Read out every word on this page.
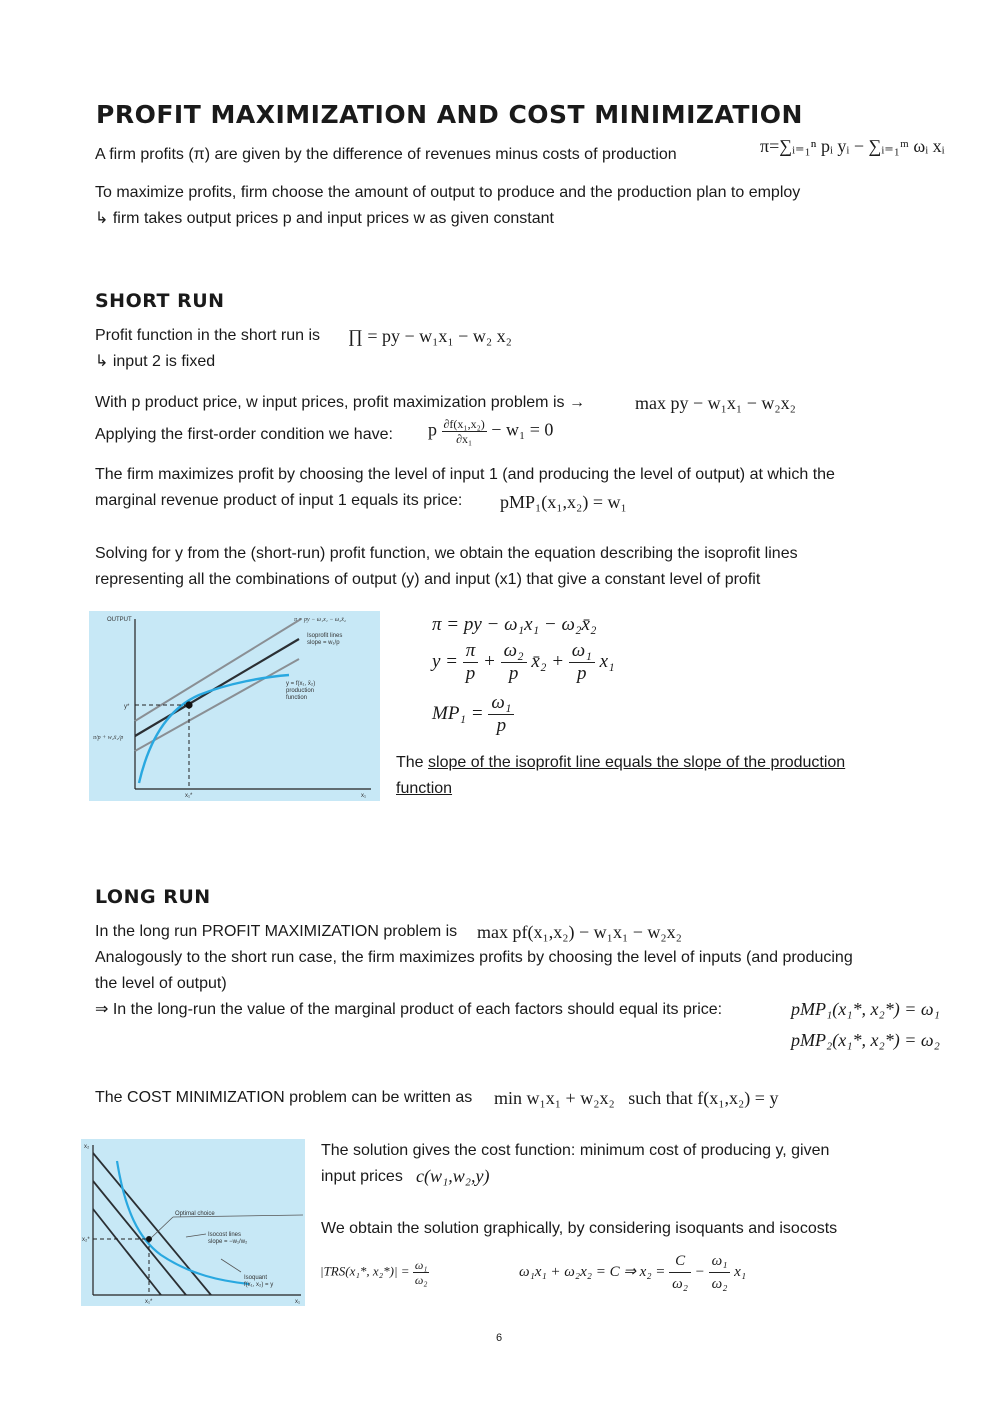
PROFIT MAXIMIZATION AND COST MINIMIZATION
A firm profits (π) are given by the difference of revenues minus costs of production	π=∑ᵢ₌₁ⁿ pᵢ yᵢ − ∑ᵢ₌₁ᵐ ωᵢ xᵢ
To maximize profits, firm choose the amount of output to produce and the production plan to employ
↳ firm takes output prices p and input prices w as given constant
SHORT RUN
Profit function in the short run is ∏ = py − w₁x₁ − w₂ x₂
↳ input 2 is fixed
With p product price, w input prices, profit maximization problem is →	max py − w₁x₁ − w₂x₂
Applying the first-order condition we have: p $\frac{\text{∂f(x₁,x₂)}}{\text{∂x₁}} - w_1 = 0$
The firm maximizes profit by choosing the level of input 1 (and producing the level of output) at which the
marginal revenue product of input 1 equals its price: pMP₁(x₁,x₂) = w₁
Solving for y from the (short-run) profit function, we obtain the equation describing the isoprofit lines
representing all the combinations of output (y) and input (x1) that give a constant level of profit
OUTPUT
x₁
π = py − ω₁x₁ − ω₂x̄₂
Isoprofit lines
slope = w₁/p
y = f(x₁, x̄₂)
production
function
y*
x₁*
π/p + w₂x̄₂/p
π = py − ω₁x₁ − ω₂x̄₂
$y = \frac{\pi}{p} + \frac{\text{ω₂}}{p}$ x̄₂ + $\frac{\text{ω₁}}{p} x_1$
$MP_1 = \frac{\text{ω₁}}{p}$
The slope of the isoprofit line equals the slope of the production
function
LONG RUN
In the long run PROFIT MAXIMIZATION problem is max pf(x₁,x₂) − w₁x₁ − w₂x₂
Analogously to the short run case, the firm maximizes profits by choosing the level of inputs (and producing
the level of output)
⇒ In the long-run the value of the marginal product of each factors should equal its price:	pMP₁(x₁*, x₂*) = ω₁
pMP₂(x₁*, x₂*) = ω₂
The COST MINIMIZATION problem can be written as min w₁x₁ + w₂x₂ such that f(x₁,x₂) = y
x₂
x₁
Optimal choice
Isocost lines
slope = −w₁/w₂
Isoquant
f(x₁, x₂) = y
x₂*
x₁*
The solution gives the cost function: minimum cost of producing y, given
input prices c(w₁,w₂,y)
We obtain the solution graphically, by considering isoquants and isocosts
|TRS(x₁*, $x_2*)| = \frac{\text{ω₁}}{\text{ω₂}}$	ω₁x₁ + ω₂x₂ = C ⇒ $x_2 = \frac{C}{\text{ω₂}} - \frac{\text{ω₁}}{\text{ω₂}} x_1$
6
